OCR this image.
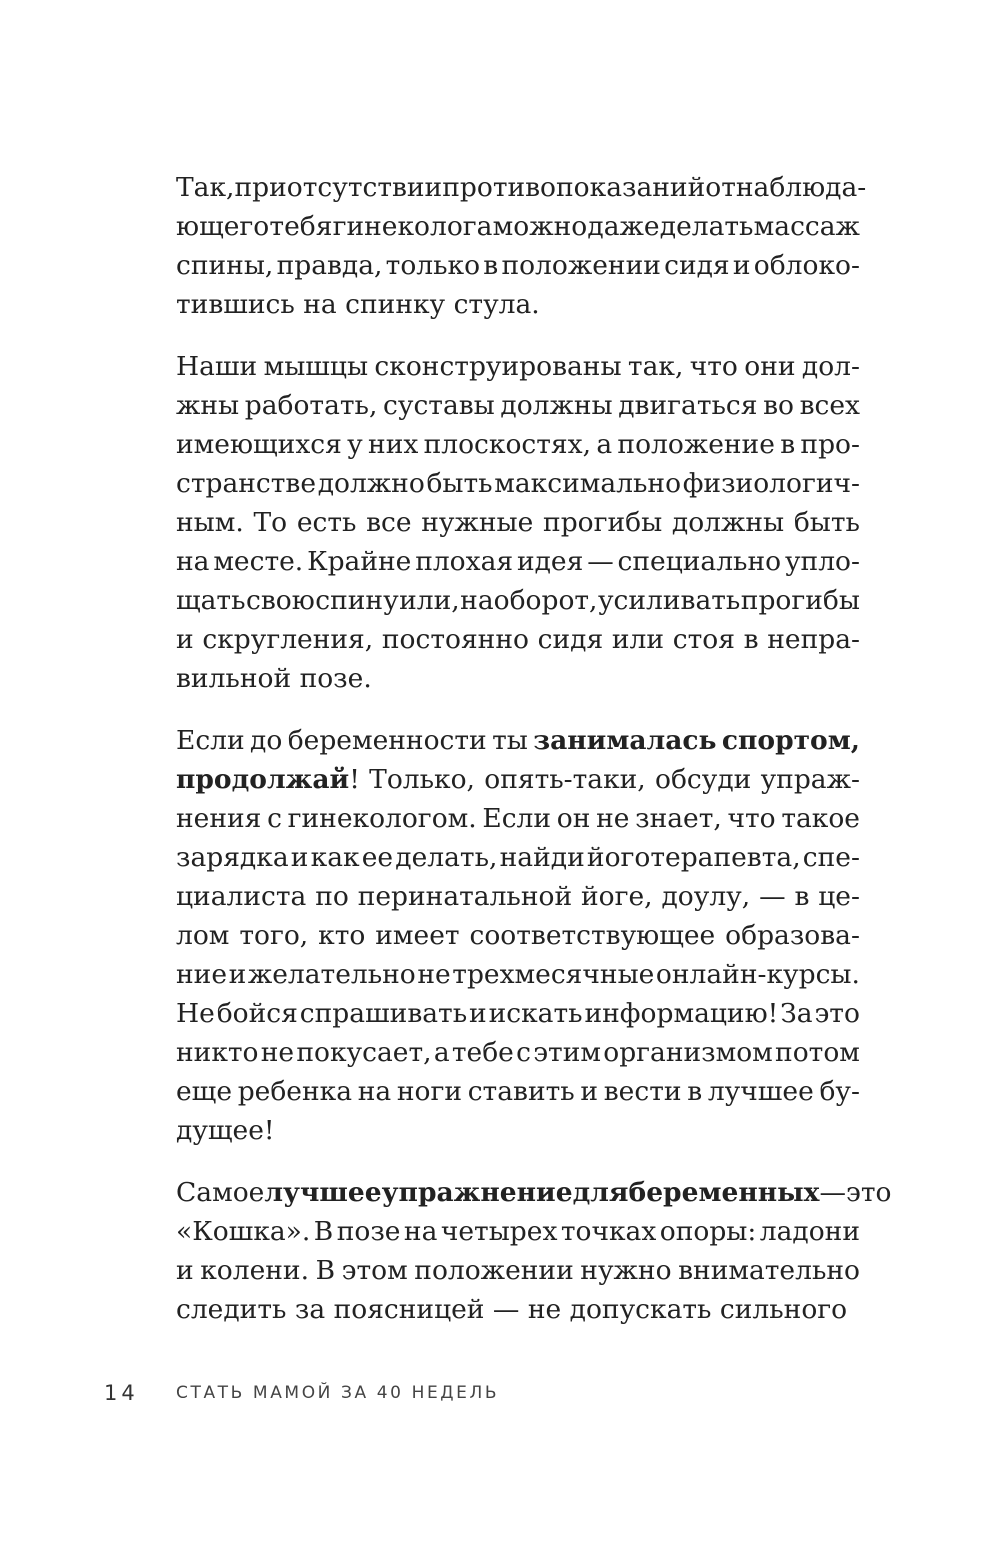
Так, при отсутствии противопоказаний от наблюда-
ющего тебя гинеколога можно даже делать массаж
спины, правда, только в положении сидя и облоко-
тившись на спинку стула.
Наши мышцы сконструированы так, что они дол-
жны работать, суставы должны двигаться во всех
имеющихся у них плоскостях, а положение в про-
странстве должно быть максимально физиологич-
ным. То есть все нужные прогибы должны быть
на месте. Крайне плохая идея — специально упло-
щать свою спину или, наоборот, усиливать прогибы
и скругления, постоянно сидя или стоя в непра-
вильной позе.
Если до беременности ты занималась спортом,
продолжай! Только, опять-таки, обсуди упраж-
нения с гинекологом. Если он не знает, что такое
зарядка и как ее делать, найди йоготерапевта, спе-
циалиста по перинатальной йоге, доулу, — в це-
лом того, кто имеет соответствующее образова-
ние и желательно не трехмесячные онлайн-курсы.
Не бойся спрашивать и искать информацию! За это
никто не покусает, а тебе с этим организмом потом
еще ребенка на ноги ставить и вести в лучшее бу-
дущее!
Самое лучшее упражнение для беременных — это
«Кошка». В позе на четырех точках опоры: ладони
и колени. В этом положении нужно внимательно
следить за поясницей — не допускать сильного
14	СТАТЬ МАМОЙ ЗА 40 НЕДЕЛЬ
